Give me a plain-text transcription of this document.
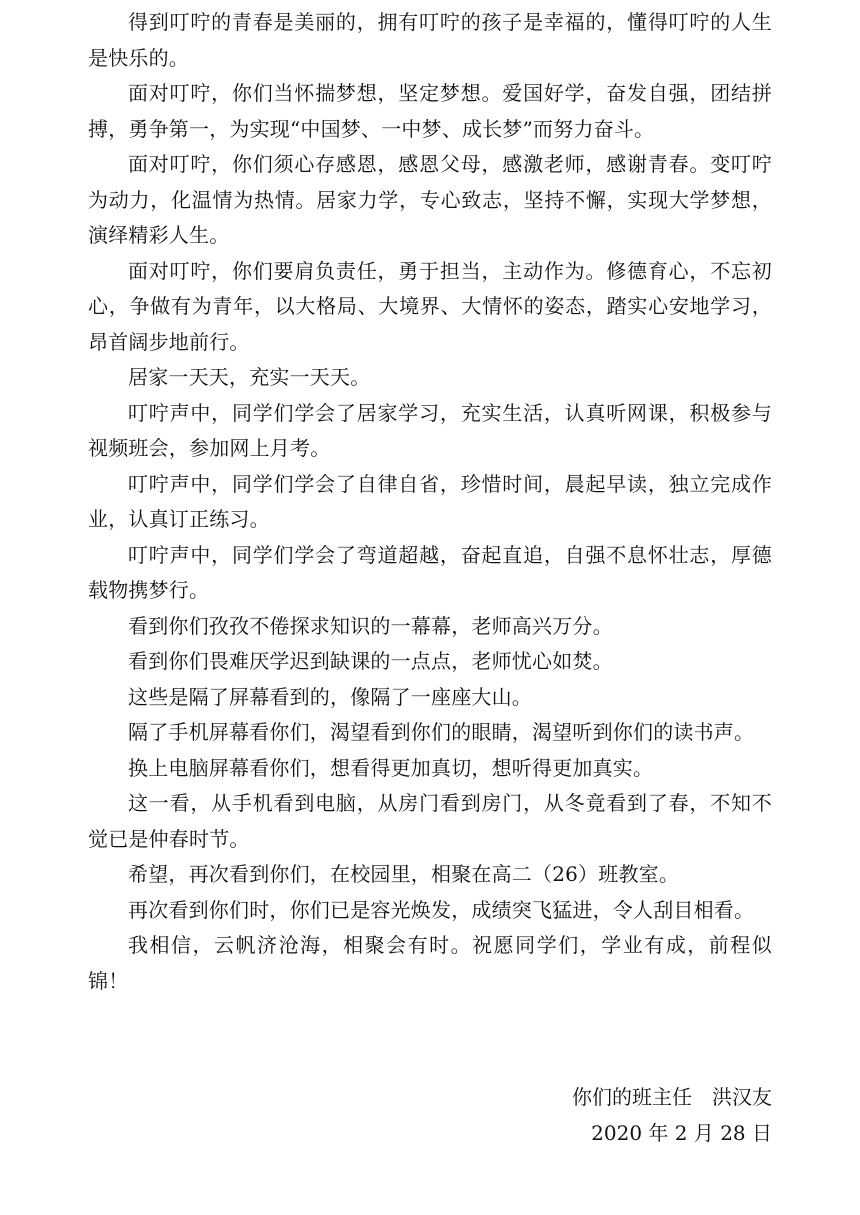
得到叮咛的青春是美丽的，拥有叮咛的孩子是幸福的，懂得叮咛的人生是快乐的。

面对叮咛，你们当怀揣梦想，坚定梦想。爱国好学，奋发自强，团结拼搏，勇争第一，为实现“中国梦、一中梦、成长梦”而努力奋斗。

面对叮咛，你们须心存感恩，感恩父母，感激老师，感谢青春。变叮咛为动力，化温情为热情。居家力学，专心致志，坚持不懈，实现大学梦想，演绎精彩人生。

面对叮咛，你们要肩负责任，勇于担当，主动作为。修德育心，不忘初心，争做有为青年，以大格局、大境界、大情怀的姿态，踏实心安地学习，昂首阔步地前行。

居家一天天，充实一天天。

叮咛声中，同学们学会了居家学习，充实生活，认真听网课，积极参与视频班会，参加网上月考。

叮咛声中，同学们学会了自律自省，珍惜时间，晨起早读，独立完成作业，认真订正练习。

叮咛声中，同学们学会了弯道超越，奋起直追，自强不息怀壮志，厚德载物携梦行。

看到你们孜孜不倦探求知识的一幕幕，老师高兴万分。

看到你们畏难厌学迟到缺课的一点点，老师忧心如焚。

这些是隔了屏幕看到的，像隔了一座座大山。

隔了手机屏幕看你们，渴望看到你们的眼睛，渴望听到你们的读书声。

换上电脑屏幕看你们，想看得更加真切，想听得更加真实。

这一看，从手机看到电脑，从房门看到房门，从冬竟看到了春，不知不觉已是仲春时节。

希望，再次看到你们，在校园里，相聚在高二（26）班教室。

再次看到你们时，你们已是容光焕发，成绩突飞猛进，令人刮目相看。

我相信，云帆济沧海，相聚会有时。祝愿同学们，学业有成，前程似锦！

你们的班主任　洪汉友
2020 年 2 月 28 日
